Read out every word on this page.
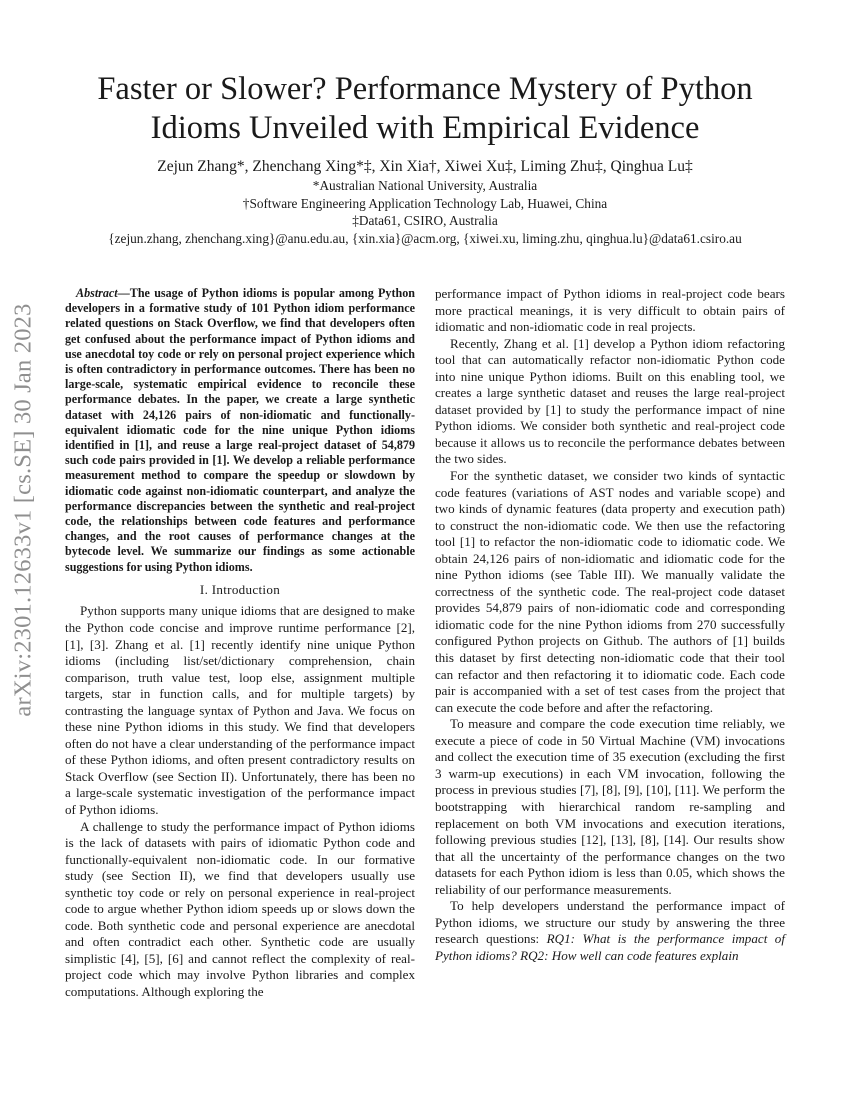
arXiv:2301.12633v1 [cs.SE] 30 Jan 2023
Faster or Slower? Performance Mystery of Python
Idioms Unveiled with Empirical Evidence
Zejun Zhang*, Zhenchang Xing*‡, Xin Xia†, Xiwei Xu‡, Liming Zhu‡, Qinghua Lu‡
*Australian National University, Australia
†Software Engineering Application Technology Lab, Huawei, China
‡Data61, CSIRO, Australia
{zejun.zhang, zhenchang.xing}@anu.edu.au, {xin.xia}@acm.org, {xiwei.xu, liming.zhu, qinghua.lu}@data61.csiro.au

Abstract—The usage of Python idioms is popular among Python developers in a formative study of 101 Python idiom performance related questions on Stack Overflow, we find that developers often get confused about the performance impact of Python idioms and use anecdotal toy code or rely on personal project experience which is often contradictory in performance outcomes. There has been no large-scale, systematic empirical evidence to reconcile these performance debates. In the paper, we create a large synthetic dataset with 24,126 pairs of non-idiomatic and functionally-equivalent idiomatic code for the nine unique Python idioms identified in [1], and reuse a large real-project dataset of 54,879 such code pairs provided in [1]. We develop a reliable performance measurement method to compare the speedup or slowdown by idiomatic code against non-idiomatic counterpart, and analyze the performance discrepancies between the synthetic and real-project code, the relationships between code features and performance changes, and the root causes of performance changes at the bytecode level. We summarize our findings as some actionable suggestions for using Python idioms.

I. Introduction

Python supports many unique idioms that are designed to make the Python code concise and improve runtime performance [2], [1], [3]. Zhang et al. [1] recently identify nine unique Python idioms (including list/set/dictionary comprehension, chain comparison, truth value test, loop else, assignment multiple targets, star in function calls, and for multiple targets) by contrasting the language syntax of Python and Java. We focus on these nine Python idioms in this study. We find that developers often do not have a clear understanding of the performance impact of these Python idioms, and often present contradictory results on Stack Overflow (see Section II). Unfortunately, there has been no a large-scale systematic investigation of the performance impact of Python idioms.

A challenge to study the performance impact of Python idioms is the lack of datasets with pairs of idiomatic Python code and functionally-equivalent non-idiomatic code. In our formative study (see Section II), we find that developers usually use synthetic toy code or rely on personal experience in real-project code to argue whether Python idiom speeds up or slows down the code. Both synthetic code and personal experience are anecdotal and often contradict each other. Synthetic code are usually simplistic [4], [5], [6] and cannot reflect the complexity of real-project code which may involve Python libraries and complex computations. Although exploring the

performance impact of Python idioms in real-project code bears more practical meanings, it is very difficult to obtain pairs of idiomatic and non-idiomatic code in real projects.

Recently, Zhang et al. [1] develop a Python idiom refactoring tool that can automatically refactor non-idiomatic Python code into nine unique Python idioms. Built on this enabling tool, we creates a large synthetic dataset and reuses the large real-project dataset provided by [1] to study the performance impact of nine Python idioms. We consider both synthetic and real-project code because it allows us to reconcile the performance debates between the two sides.

For the synthetic dataset, we consider two kinds of syntactic code features (variations of AST nodes and variable scope) and two kinds of dynamic features (data property and execution path) to construct the non-idiomatic code. We then use the refactoring tool [1] to refactor the non-idiomatic code to idiomatic code. We obtain 24,126 pairs of non-idiomatic and idiomatic code for the nine Python idioms (see Table III). We manually validate the correctness of the synthetic code. The real-project code dataset provides 54,879 pairs of non-idiomatic code and corresponding idiomatic code for the nine Python idioms from 270 successfully configured Python projects on Github. The authors of [1] builds this dataset by first detecting non-idiomatic code that their tool can refactor and then refactoring it to idiomatic code. Each code pair is accompanied with a set of test cases from the project that can execute the code before and after the refactoring.

To measure and compare the code execution time reliably, we execute a piece of code in 50 Virtual Machine (VM) invocations and collect the execution time of 35 execution (excluding the first 3 warm-up executions) in each VM invocation, following the process in previous studies [7], [8], [9], [10], [11]. We perform the bootstrapping with hierarchical random re-sampling and replacement on both VM invocations and execution iterations, following previous studies [12], [13], [8], [14]. Our results show that all the uncertainty of the performance changes on the two datasets for each Python idiom is less than 0.05, which shows the reliability of our performance measurements.

To help developers understand the performance impact of Python idioms, we structure our study by answering the three research questions: RQ1: What is the performance impact of Python idioms? RQ2: How well can code features explain
